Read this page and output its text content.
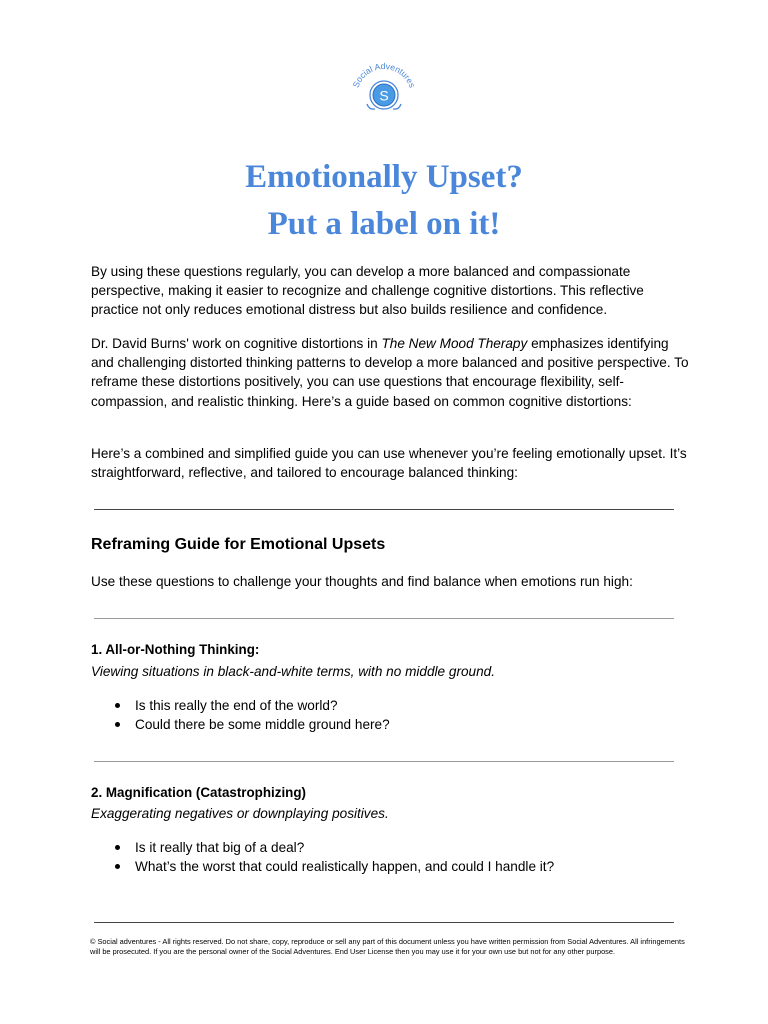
Social Adventures
S
Emotionally Upset?
Put a label on it!

By using these questions regularly, you can develop a more balanced and compassionate perspective, making it easier to recognize and challenge cognitive distortions. This reflective practice not only reduces emotional distress but also builds resilience and confidence.

Dr. David Burns' work on cognitive distortions in The New Mood Therapy emphasizes identifying and challenging distorted thinking patterns to develop a more balanced and positive perspective. To reframe these distortions positively, you can use questions that encourage flexibility, self-compassion, and realistic thinking. Here’s a guide based on common cognitive distortions:

Here’s a combined and simplified guide you can use whenever you’re feeling emotionally upset. It’s straightforward, reflective, and tailored to encourage balanced thinking:

Reframing Guide for Emotional Upsets

Use these questions to challenge your thoughts and find balance when emotions run high:

1. All-or-Nothing Thinking:

Viewing situations in black-and-white terms, with no middle ground.

Is this really the end of the world?
Could there be some middle ground here?
2. Magnification (Catastrophizing)

Exaggerating negatives or downplaying positives.

Is it really that big of a deal?
What’s the worst that could realistically happen, and could I handle it?

© Social adventures - All rights reserved. Do not share, copy, reproduce or sell any part of this document unless you have written permission from Social Adventures. All infringements will be prosecuted. If you are the personal owner of the Social Adventures. End User License then you may use it for your own use but not for any other purpose.
